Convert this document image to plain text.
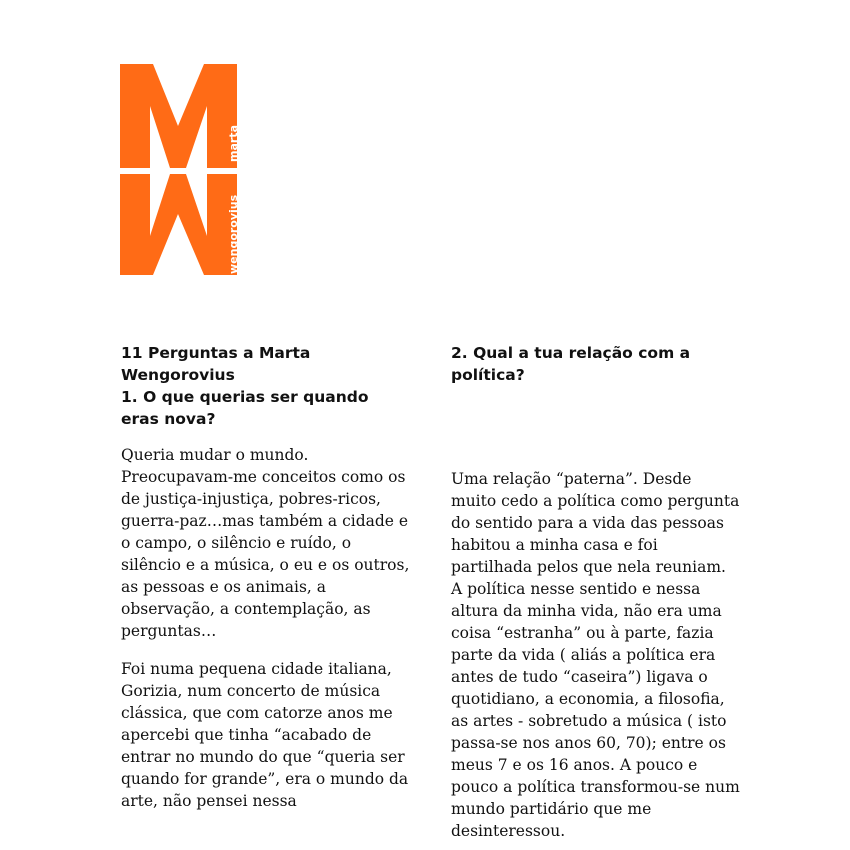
wengorovius
marta
11 Perguntas a Marta Wengorovius
1. O que querias ser quando eras nova?

Queria mudar o mundo. Preocupavam-me conceitos como os de justiça-injustiça, pobres-ricos, guerra-paz…mas também a cidade e o campo, o silêncio e ruído, o silêncio e a música, o eu e os outros, as pessoas e os animais, a observação, a contemplação, as perguntas…

Foi numa pequena cidade italiana, Gorizia, num concerto de música clássica, que com catorze anos me apercebi que tinha “acabado de entrar no mundo do que “queria ser quando for grande”, era o mundo da arte, não pensei nessa

2. Qual a tua relação com a política?

Uma relação “paterna”. Desde muito cedo a política como pergunta do sentido para a vida das pessoas habitou a minha casa e foi partilhada pelos que nela reuniam. A política nesse sentido e nessa altura da minha vida, não era uma coisa “estranha” ou à parte, fazia parte da vida ( aliás a política era antes de tudo “caseira”) ligava o quotidiano, a economia, a filosofia, as artes - sobretudo a música ( isto passa-se nos anos 60, 70); entre os meus 7 e os 16 anos. A pouco e pouco a política transformou-se num mundo partidário que me desinteressou.
